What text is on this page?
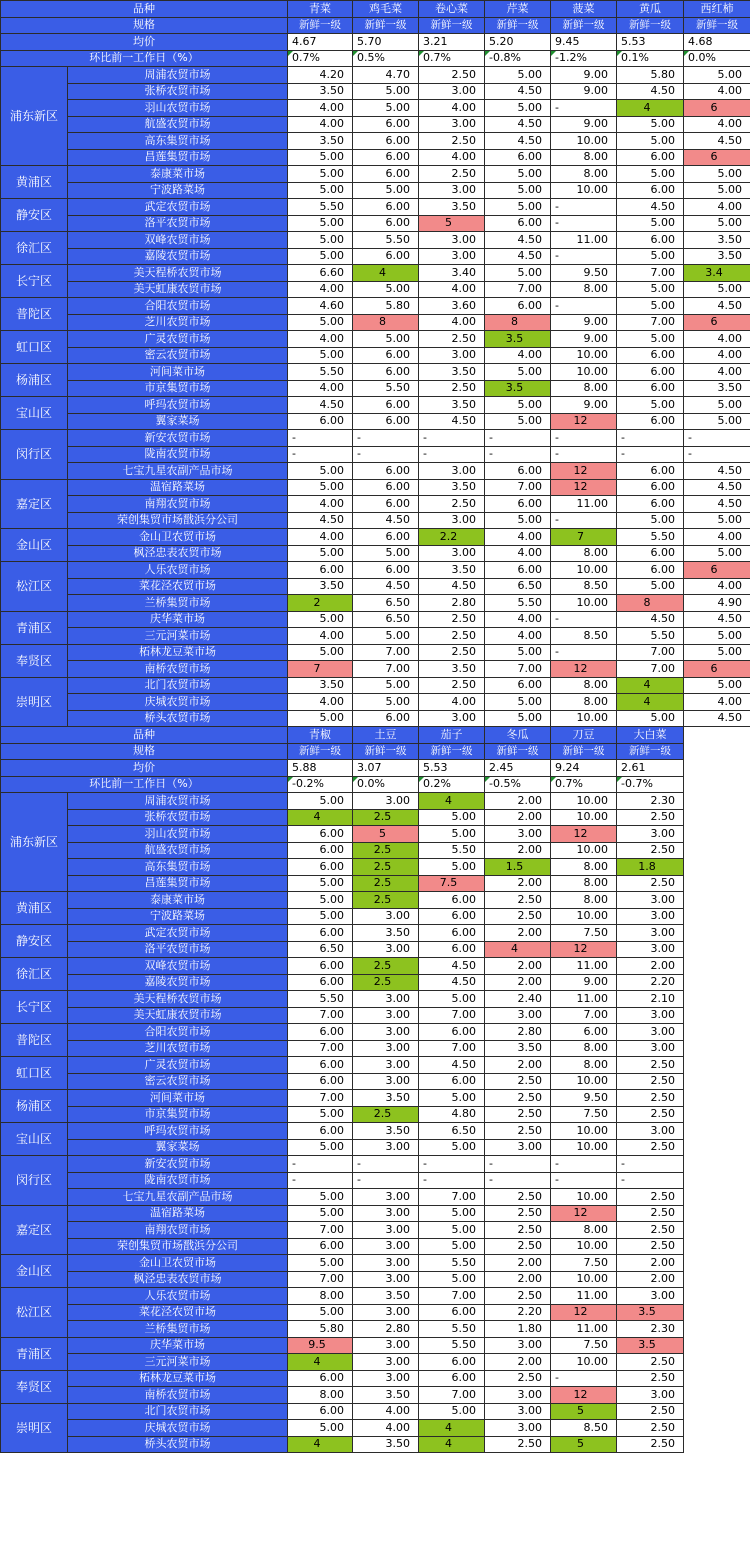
品种		青菜	鸡毛菜	卷心菜	芹菜	菠菜	黄瓜	西红柿
规格		新鲜一级	新鲜一级	新鲜一级	新鲜一级	新鲜一级	新鲜一级	新鲜一级
均价		4.67	5.70	3.21	5.20	9.45	5.53	4.68
环比前一工作日（%）		0.7%	0.5%	0.7%	-0.8%	-1.2%	0.1%	0.0%
浦东新区	周浦农贸市场	4.20	4.70	2.50	5.00	9.00	5.80	5.00
	张桥农贸市场	3.50	5.00	3.00	4.50	9.00	4.50	4.00
	羽山农贸市场	4.00	5.00	4.00	5.00	-	4	6
	航盛农贸市场	4.00	6.00	3.00	4.50	9.00	5.00	4.00
	高东集贸市场	3.50	6.00	2.50	4.50	10.00	5.00	4.50
	昌莲集贸市场	5.00	6.00	4.00	6.00	8.00	6.00	6
黄浦区	泰康菜市场	5.00	6.00	2.50	5.00	8.00	5.00	5.00
	宁波路菜场	5.00	5.00	3.00	5.00	10.00	6.00	5.00
静安区	武定农贸市场	5.50	6.00	3.50	5.00	-	4.50	4.00
	洛平农贸市场	5.00	6.00	5	6.00	-	5.00	5.00
徐汇区	双峰农贸市场	5.00	5.50	3.00	4.50	11.00	6.00	3.50
	嘉陵农贸市场	5.00	6.00	3.00	4.50	-	5.00	3.50
长宁区	美天程桥农贸市场	6.60	4	3.40	5.00	9.50	7.00	3.4
	美天虹康农贸市场	4.00	5.00	4.00	7.00	8.00	5.00	5.00
普陀区	合阳农贸市场	4.60	5.80	3.60	6.00	-	5.00	4.50
	芝川农贸市场	5.00	8	4.00	8	9.00	7.00	6
虹口区	广灵农贸市场	4.00	5.00	2.50	3.5	9.00	5.00	4.00
	密云农贸市场	5.00	6.00	3.00	4.00	10.00	6.00	4.00
杨浦区	河间菜市场	5.50	6.00	3.50	5.00	10.00	6.00	4.00
	市京集贸市场	4.00	5.50	2.50	3.5	8.00	6.00	3.50
宝山区	呼玛农贸市场	4.50	6.00	3.50	5.00	9.00	5.00	5.00
	翼家菜场	6.00	6.00	4.50	5.00	12	6.00	5.00
闵行区	新安农贸市场	-	-	-	-	-	-	-
	陇南农贸市场	-	-	-	-	-	-	-
	七宝九星农副产品市场	5.00	6.00	3.00	6.00	12	6.00	4.50
嘉定区	温宿路菜场	5.00	6.00	3.50	7.00	12	6.00	4.50
	南翔农贸市场	4.00	6.00	2.50	6.00	11.00	6.00	4.50
	荣创集贸市场戬浜分公司	4.50	4.50	3.00	5.00	-	5.00	5.00
金山区	金山卫农贸市场	4.00	6.00	2.2	4.00	7	5.50	4.00
	枫泾忠表农贸市场	5.00	5.00	3.00	4.00	8.00	6.00	5.00
松江区	人乐农贸市场	6.00	6.00	3.50	6.00	10.00	6.00	6
	菜花泾农贸市场	3.50	4.50	4.50	6.50	8.50	5.00	4.00
	兰桥集贸市场	2	6.50	2.80	5.50	10.00	8	4.90
青浦区	庆华菜市场	5.00	6.50	2.50	4.00	-	4.50	4.50
	三元河菜市场	4.00	5.00	2.50	4.00	8.50	5.50	5.00
奉贤区	柘林龙豆菜市场	5.00	7.00	2.50	5.00	-	7.00	5.00
	南桥农贸市场	7	7.00	3.50	7.00	12	7.00	6
崇明区	北门农贸市场	3.50	5.00	2.50	6.00	8.00	4	5.00
	庆城农贸市场	4.00	5.00	4.00	5.00	8.00	4	4.00
	桥头农贸市场	5.00	6.00	3.00	5.00	10.00	5.00	4.50
品种		青椒	土豆	茄子	冬瓜	刀豆	大白菜	
规格		新鲜一级	新鲜一级	新鲜一级	新鲜一级	新鲜一级	新鲜一级	
均价		5.88	3.07	5.53	2.45	9.24	2.61	
环比前一工作日（%）		-0.2%	0.0%	0.2%	-0.5%	0.7%	-0.7%	
浦东新区	周浦农贸市场	5.00	3.00	4	2.00	10.00	2.30	
	张桥农贸市场	4	2.5	5.00	2.00	10.00	2.50	
	羽山农贸市场	6.00	5	5.00	3.00	12	3.00	
	航盛农贸市场	6.00	2.5	5.50	2.00	10.00	2.50	
	高东集贸市场	6.00	2.5	5.00	1.5	8.00	1.8	
	昌莲集贸市场	5.00	2.5	7.5	2.00	8.00	2.50	
黄浦区	泰康菜市场	5.00	2.5	6.00	2.50	8.00	3.00	
	宁波路菜场	5.00	3.00	6.00	2.50	10.00	3.00	
静安区	武定农贸市场	6.00	3.50	6.00	2.00	7.50	3.00	
	洛平农贸市场	6.50	3.00	6.00	4	12	3.00	
徐汇区	双峰农贸市场	6.00	2.5	4.50	2.00	11.00	2.00	
	嘉陵农贸市场	6.00	2.5	4.50	2.00	9.00	2.20	
长宁区	美天程桥农贸市场	5.50	3.00	5.00	2.40	11.00	2.10	
	美天虹康农贸市场	7.00	3.00	7.00	3.00	7.00	3.00	
普陀区	合阳农贸市场	6.00	3.00	6.00	2.80	6.00	3.00	
	芝川农贸市场	7.00	3.00	7.00	3.50	8.00	3.00	
虹口区	广灵农贸市场	6.00	3.00	4.50	2.00	8.00	2.50	
	密云农贸市场	6.00	3.00	6.00	2.50	10.00	2.50	
杨浦区	河间菜市场	7.00	3.50	5.00	2.50	9.50	2.50	
	市京集贸市场	5.00	2.5	4.80	2.50	7.50	2.50	
宝山区	呼玛农贸市场	6.00	3.50	6.50	2.50	10.00	3.00	
	翼家菜场	5.00	3.00	5.00	3.00	10.00	2.50	
闵行区	新安农贸市场	-	-	-	-	-	-	
	陇南农贸市场	-	-	-	-	-	-	
	七宝九星农副产品市场	5.00	3.00	7.00	2.50	10.00	2.50	
嘉定区	温宿路菜场	5.00	3.00	5.00	2.50	12	2.50	
	南翔农贸市场	7.00	3.00	5.00	2.50	8.00	2.50	
	荣创集贸市场戬浜分公司	6.00	3.00	5.00	2.50	10.00	2.50	
金山区	金山卫农贸市场	5.00	3.00	5.50	2.00	7.50	2.00	
	枫泾忠表农贸市场	7.00	3.00	5.00	2.00	10.00	2.00	
松江区	人乐农贸市场	8.00	3.50	7.00	2.50	11.00	3.00	
	菜花泾农贸市场	5.00	3.00	6.00	2.20	12	3.5	
	兰桥集贸市场	5.80	2.80	5.50	1.80	11.00	2.30	
青浦区	庆华菜市场	9.5	3.00	5.50	3.00	7.50	3.5	
	三元河菜市场	4	3.00	6.00	2.00	10.00	2.50	
奉贤区	柘林龙豆菜市场	6.00	3.00	6.00	2.50	-	2.50	
	南桥农贸市场	8.00	3.50	7.00	3.00	12	3.00	
崇明区	北门农贸市场	6.00	4.00	5.00	3.00	5	2.50	
	庆城农贸市场	5.00	4.00	4	3.00	8.50	2.50	
	桥头农贸市场	4	3.50	4	2.50	5	2.50	
